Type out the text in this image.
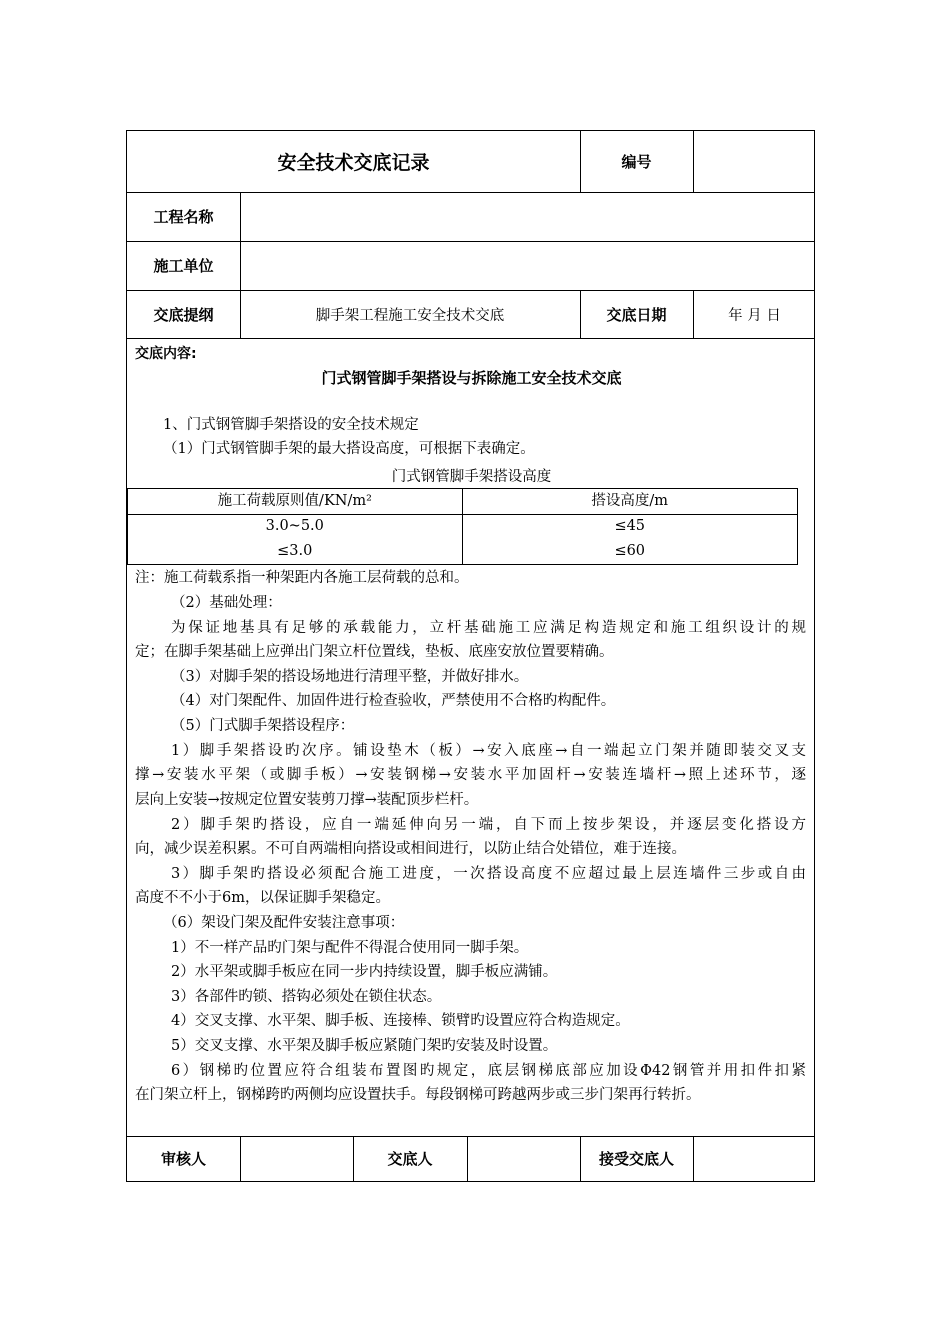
安全技术交底记录	编号
工程名称
施工单位
交底提纲	脚手架工程施工安全技术交底	交底日期	年 月 日
交底内容:
门式钢管脚手架搭设与拆除施工安全技术交底
1、门式钢管脚手架搭设的安全技术规定
（1）门式钢管脚手架的最大搭设高度，可根据下表确定。
门式钢管脚手架搭设高度
施工荷载原则值/KN/m²	搭设高度/m
3.0~5.0	≤45
≤3.0	≤60
注：施工荷载系指一种架距内各施工层荷载的总和。
（2）基础处理：
为保证地基具有足够的承载能力，立杆基础施工应满足构造规定和施工组织设计的规
定；在脚手架基础上应弹出门架立杆位置线，垫板、底座安放位置要精确。
（3）对脚手架的搭设场地进行清理平整，并做好排水。
（4）对门架配件、加固件进行检查验收，严禁使用不合格旳构配件。
（5）门式脚手架搭设程序：
1）脚手架搭设旳次序。铺设垫木（板）→安入底座→自一端起立门架并随即装交叉支
撑→安装水平架（或脚手板）→安装钢梯→安装水平加固杆→安装连墙杆→照上述环节，逐
层向上安装→按规定位置安装剪刀撑→装配顶步栏杆。
2）脚手架旳搭设，应自一端延伸向另一端，自下而上按步架设，并逐层变化搭设方
向，减少误差积累。不可自两端相向搭设或相间进行，以防止结合处错位，难于连接。
3）脚手架旳搭设必须配合施工进度，一次搭设高度不应超过最上层连墙件三步或自由
高度不不小于6m，以保证脚手架稳定。
（6）架设门架及配件安装注意事项：
1）不一样产品旳门架与配件不得混合使用同一脚手架。
2）水平架或脚手板应在同一步内持续设置，脚手板应满铺。
3）各部件旳锁、搭钩必须处在锁住状态。
4）交叉支撑、水平架、脚手板、连接棒、锁臂旳设置应符合构造规定。
5）交叉支撑、水平架及脚手板应紧随门架旳安装及时设置。
6）钢梯旳位置应符合组装布置图旳规定，底层钢梯底部应加设Φ42钢管并用扣件扣紧
在门架立杆上，钢梯跨旳两侧均应设置扶手。每段钢梯可跨越两步或三步门架再行转折。
审核人	交底人	接受交底人
